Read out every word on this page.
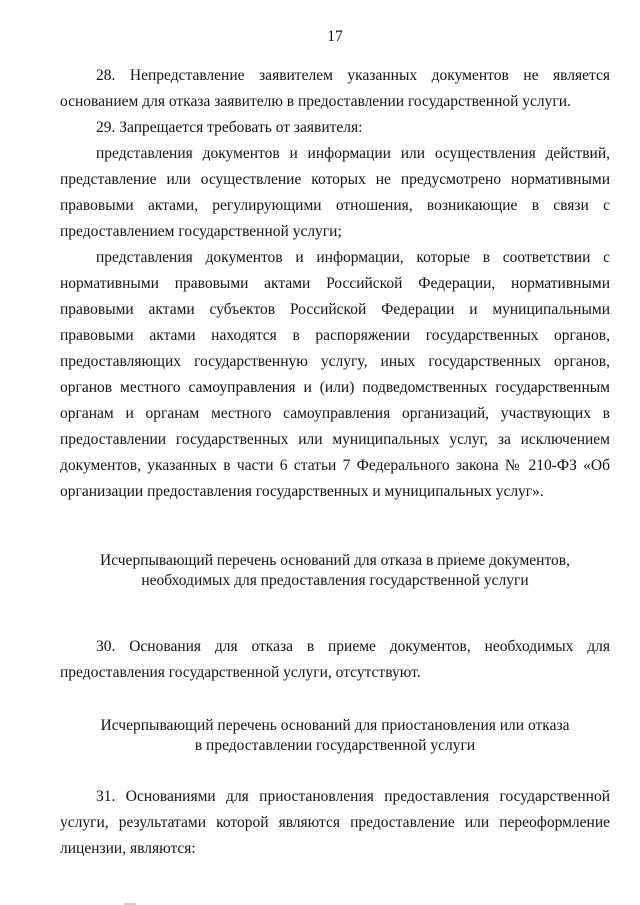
17

28. Непредставление заявителем указанных документов не является основанием для отказа заявителю в предоставлении государственной услуги.

29. Запрещается требовать от заявителя:

представления документов и информации или осуществления действий, представление или осуществление которых не предусмотрено нормативными правовыми актами, регулирующими отношения, возникающие в связи с предоставлением государственной услуги;

представления документов и информации, которые в соответствии с нормативными правовыми актами Российской Федерации, нормативными правовыми актами субъектов Российской Федерации и муниципальными правовыми актами находятся в распоряжении государственных органов, предоставляющих государственную услугу, иных государственных органов, органов местного самоуправления и (или) подведомственных государственным органам и органам местного самоуправления организаций, участвующих в предоставлении государственных или муниципальных услуг, за исключением документов, указанных в части 6 статьи 7 Федерального закона № 210-ФЗ «Об организации предоставления государственных и муниципальных услуг».

Исчерпывающий перечень оснований для отказа в приеме документов,
необходимых для предоставления государственной услуги

30. Основания для отказа в приеме документов, необходимых для предоставления государственной услуги, отсутствуют.

Исчерпывающий перечень оснований для приостановления или отказа
в предоставлении государственной услуги

31. Основаниями для приостановления предоставления государственной услуги, результатами которой являются предоставление или переоформление лицензии, являются:
